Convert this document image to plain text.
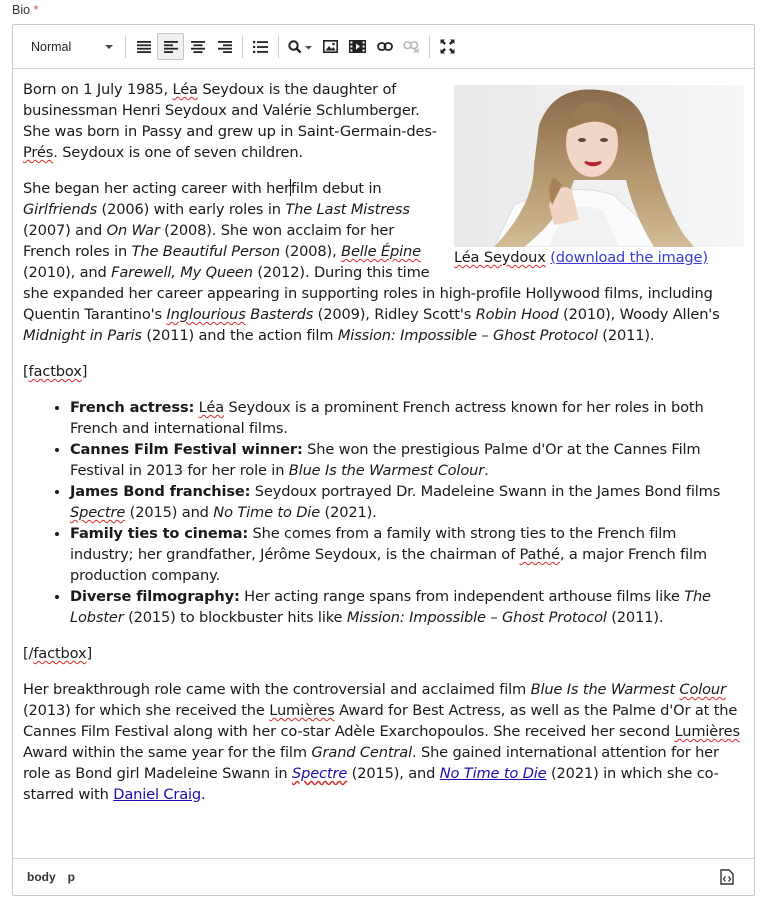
Bio *
Normal
Léa Seydoux (download the image)

Born on 1 July 1985, Léa Seydoux is the daughter of businessman Henri Seydoux and Valérie Schlumberger. She was born in Passy and grew up in Saint-Germain-des-Prés. Seydoux is one of seven children.

She began her acting career with herfilm debut in Girlfriends (2006) with early roles in The Last Mistress (2007) and On War (2008). She won acclaim for her French roles in The Beautiful Person (2008), Belle Épine (2010), and Farewell, My Queen (2012). During this time she expanded her career appearing in supporting roles in high-profile Hollywood films, including Quentin Tarantino's Inglourious Basterds (2009), Ridley Scott's Robin Hood (2010), Woody Allen's Midnight in Paris (2011) and the action film Mission: Impossible – Ghost Protocol (2011).

[factbox]

• French actress: Léa Seydoux is a prominent French actress known for her roles in both French and international films.
• Cannes Film Festival winner: She won the prestigious Palme d'Or at the Cannes Film Festival in 2013 for her role in Blue Is the Warmest Colour.
• James Bond franchise: Seydoux portrayed Dr. Madeleine Swann in the James Bond films Spectre (2015) and No Time to Die (2021).
• Family ties to cinema: She comes from a family with strong ties to the French film industry; her grandfather, Jérôme Seydoux, is the chairman of Pathé, a major French film production company.
• Diverse filmography: Her acting range spans from independent arthouse films like The Lobster (2015) to blockbuster hits like Mission: Impossible – Ghost Protocol (2011).

[/factbox]

Her breakthrough role came with the controversial and acclaimed film Blue Is the Warmest Colour (2013) for which she received the Lumières Award for Best Actress, as well as the Palme d'Or at the Cannes Film Festival along with her co-star Adèle Exarchopoulos. She received her second Lumières Award within the same year for the film Grand Central. She gained international attention for her role as Bond girl Madeleine Swann in Spectre (2015), and No Time to Die (2021) in which she co-starred with Daniel Craig.

body p
